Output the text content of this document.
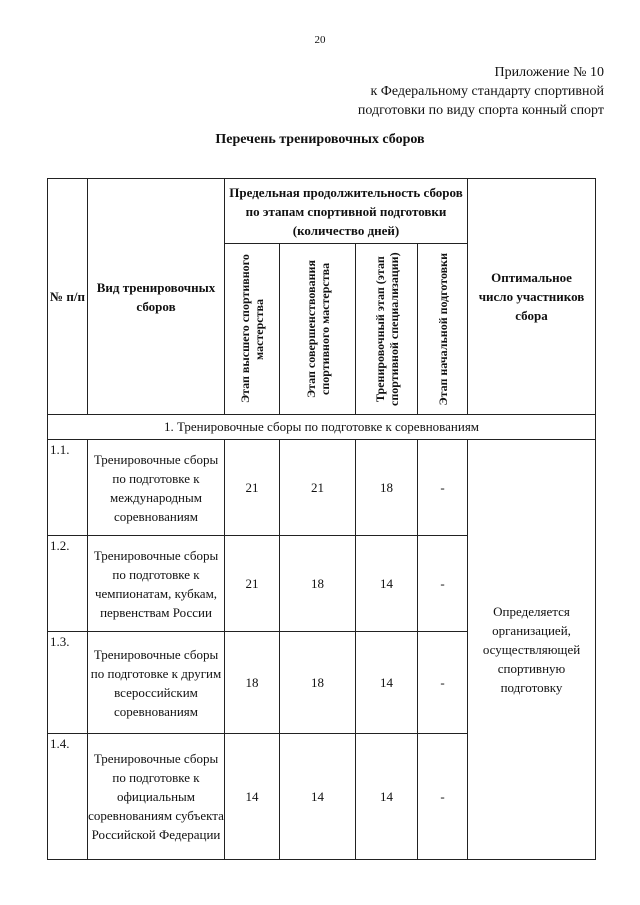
20
Приложение № 10
к Федеральному стандарту спортивной
подготовки по виду спорта конный спорт
Перечень тренировочных сборов
№ п/п	Вид тренировочных сборов	Предельная продолжительность сборов по этапам спортивной подготовки (количество дней)				Оптимальное число участников сбора

		Этап высшего спортивного мастерства	Этап совершенствования спортивного мастерства	Тренировочный этап (этап спортивной специализации)	Этап начальной подготовки	

1. Тренировочные сборы по подготовке к соревнованиям						
1.1.	Тренировочные сборы по подготовке к международным соревнованиям	21	21	18	-	Определяется организацией, осуществляющей спортивную подготовку
1.2.	Тренировочные сборы по подготовке к чемпионатам, кубкам, первенствам России	21	18	14	-	
1.3.	Тренировочные сборы по подготовке к другим всероссийским соревнованиям	18	18	14	-	
1.4.	Тренировочные сборы по подготовке к официальным соревнованиям субъекта Российской Федерации	14	14	14	-	
